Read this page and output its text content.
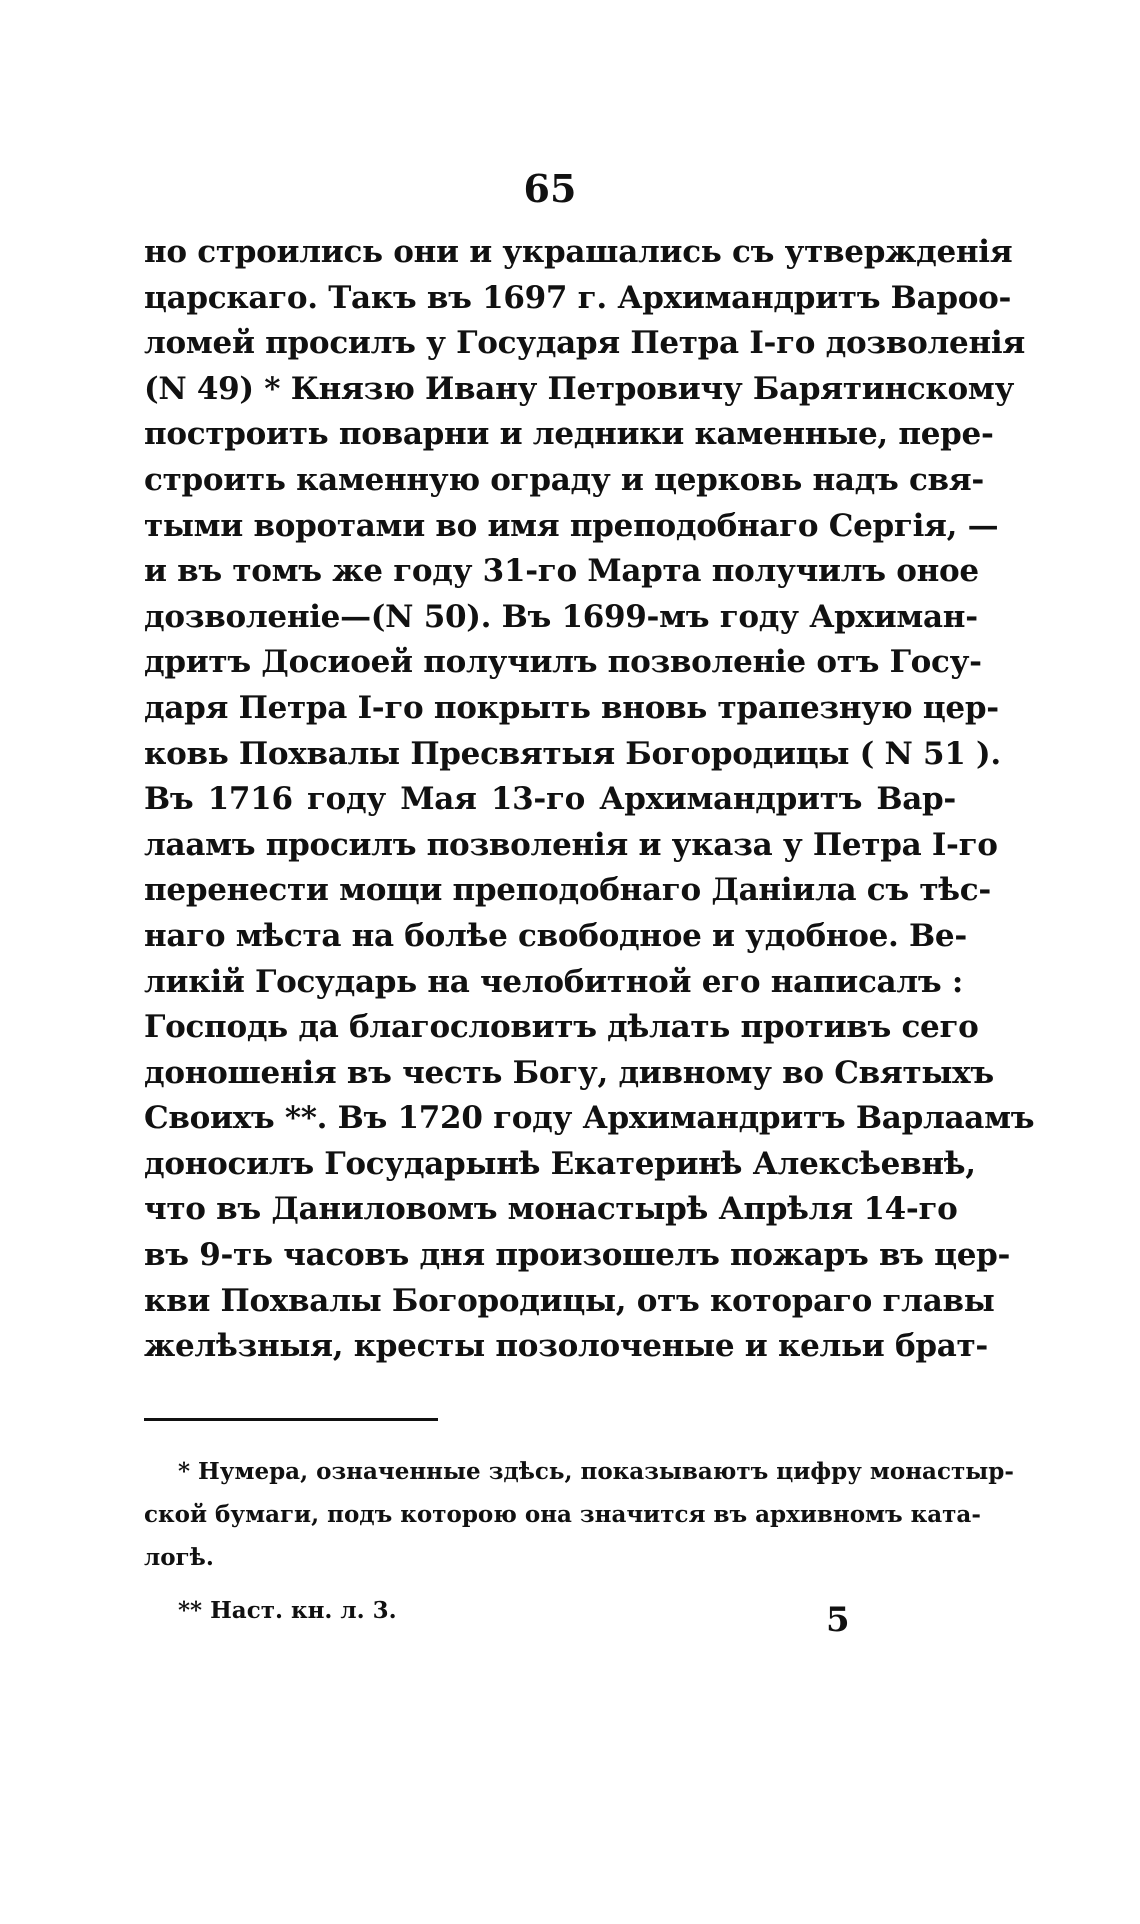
65
но строились они и украшались съ утвержденія
царскаго. Такъ въ 1697 г. Архимандритъ Вароо-
ломей просилъ у Государя Петра I-го дозволенія
(N 49) * Князю Ивану Петровичу Барятинскому
построить поварни и ледники каменные, пере-
строить каменную ограду и церковь надъ свя-
тыми воротами во имя преподобнаго Сергія, —
и въ томъ же году 31-го Марта получилъ оное
дозволеніе—(N 50). Въ 1699-мъ году Архиман-
дритъ Досиоей получилъ позволеніе отъ Госу-
даря Петра I-го покрыть вновь трапезную цер-
ковь Похвалы Пресвятыя Богородицы ( N 51 ).
Въ 1716 году Мая 13-го Архимандритъ Вар-
лаамъ просилъ позволенія и указа у Петра I-го
перенести мощи преподобнаго Даніила съ тѣс-
наго мѣста на болѣе свободное и удобное. Ве-
ликій Государь на челобитной его написалъ :
Господь да благословитъ дѣлать противъ сего
доношенія въ честь Богу, дивному во Святыхъ
Своихъ **. Въ 1720 году Архимандритъ Варлаамъ
доносилъ Государынѣ Екатеринѣ Алексѣевнѣ,
что въ Даниловомъ монастырѣ Апрѣля 14-го
въ 9-ть часовъ дня произошелъ пожаръ въ цер-
кви Похвалы Богородицы, отъ котораго главы
желѣзныя, кресты позолоченые и кельи брат-
* Нумера, означенные здѣсь, показываютъ цифру монастыр-
ской бумаги, подъ которою она значится въ архивномъ ката-
логѣ.
** Наст. кн. л. 3.	5
